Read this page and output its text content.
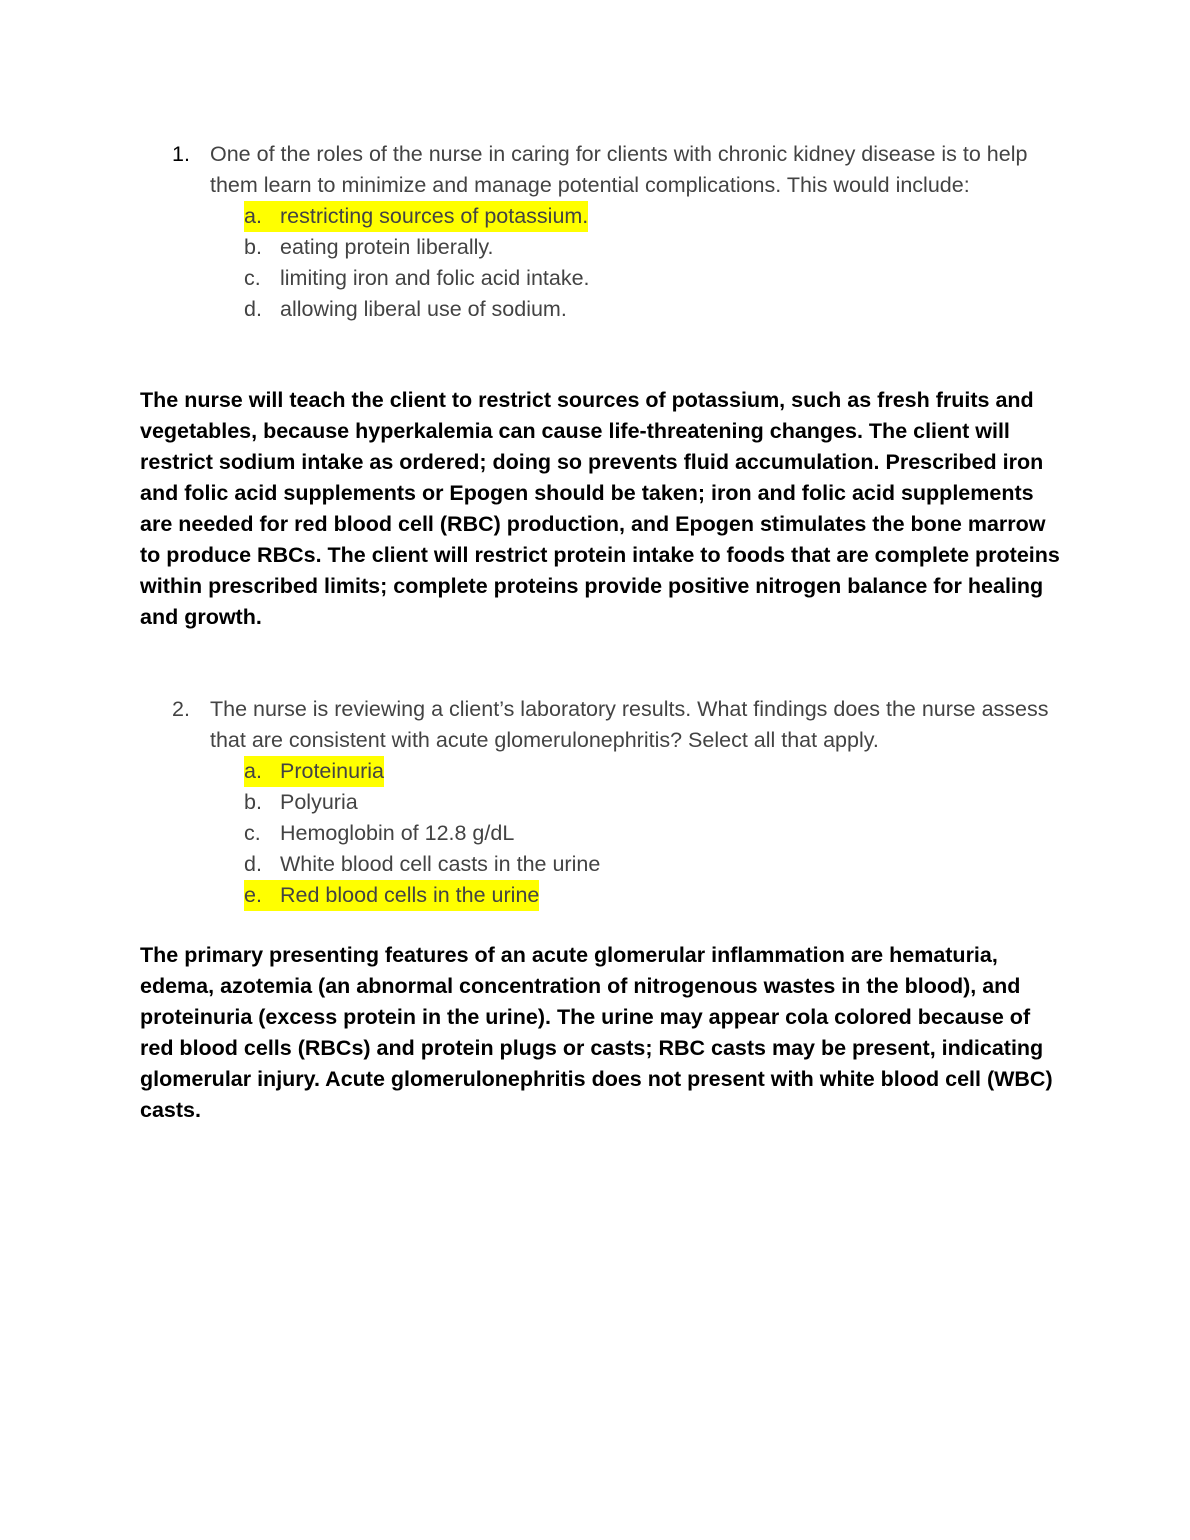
1. One of the roles of the nurse in caring for clients with chronic kidney disease is to help them learn to minimize and manage potential complications. This would include:
a. restricting sources of potassium.
b. eating protein liberally.
c. limiting iron and folic acid intake.
d. allowing liberal use of sodium.

The nurse will teach the client to restrict sources of potassium, such as fresh fruits and vegetables, because hyperkalemia can cause life-threatening changes. The client will restrict sodium intake as ordered; doing so prevents fluid accumulation. Prescribed iron and folic acid supplements or Epogen should be taken; iron and folic acid supplements are needed for red blood cell (RBC) production, and Epogen stimulates the bone marrow to produce RBCs. The client will restrict protein intake to foods that are complete proteins within prescribed limits; complete proteins provide positive nitrogen balance for healing and growth.

2. The nurse is reviewing a client’s laboratory results. What findings does the nurse assess that are consistent with acute glomerulonephritis? Select all that apply.
a. Proteinuria
b. Polyuria
c. Hemoglobin of 12.8 g/dL
d. White blood cell casts in the urine
e. Red blood cells in the urine

The primary presenting features of an acute glomerular inflammation are hematuria, edema, azotemia (an abnormal concentration of nitrogenous wastes in the blood), and proteinuria (excess protein in the urine). The urine may appear cola colored because of red blood cells (RBCs) and protein plugs or casts; RBC casts may be present, indicating glomerular injury. Acute glomerulonephritis does not present with white blood cell (WBC) casts.
